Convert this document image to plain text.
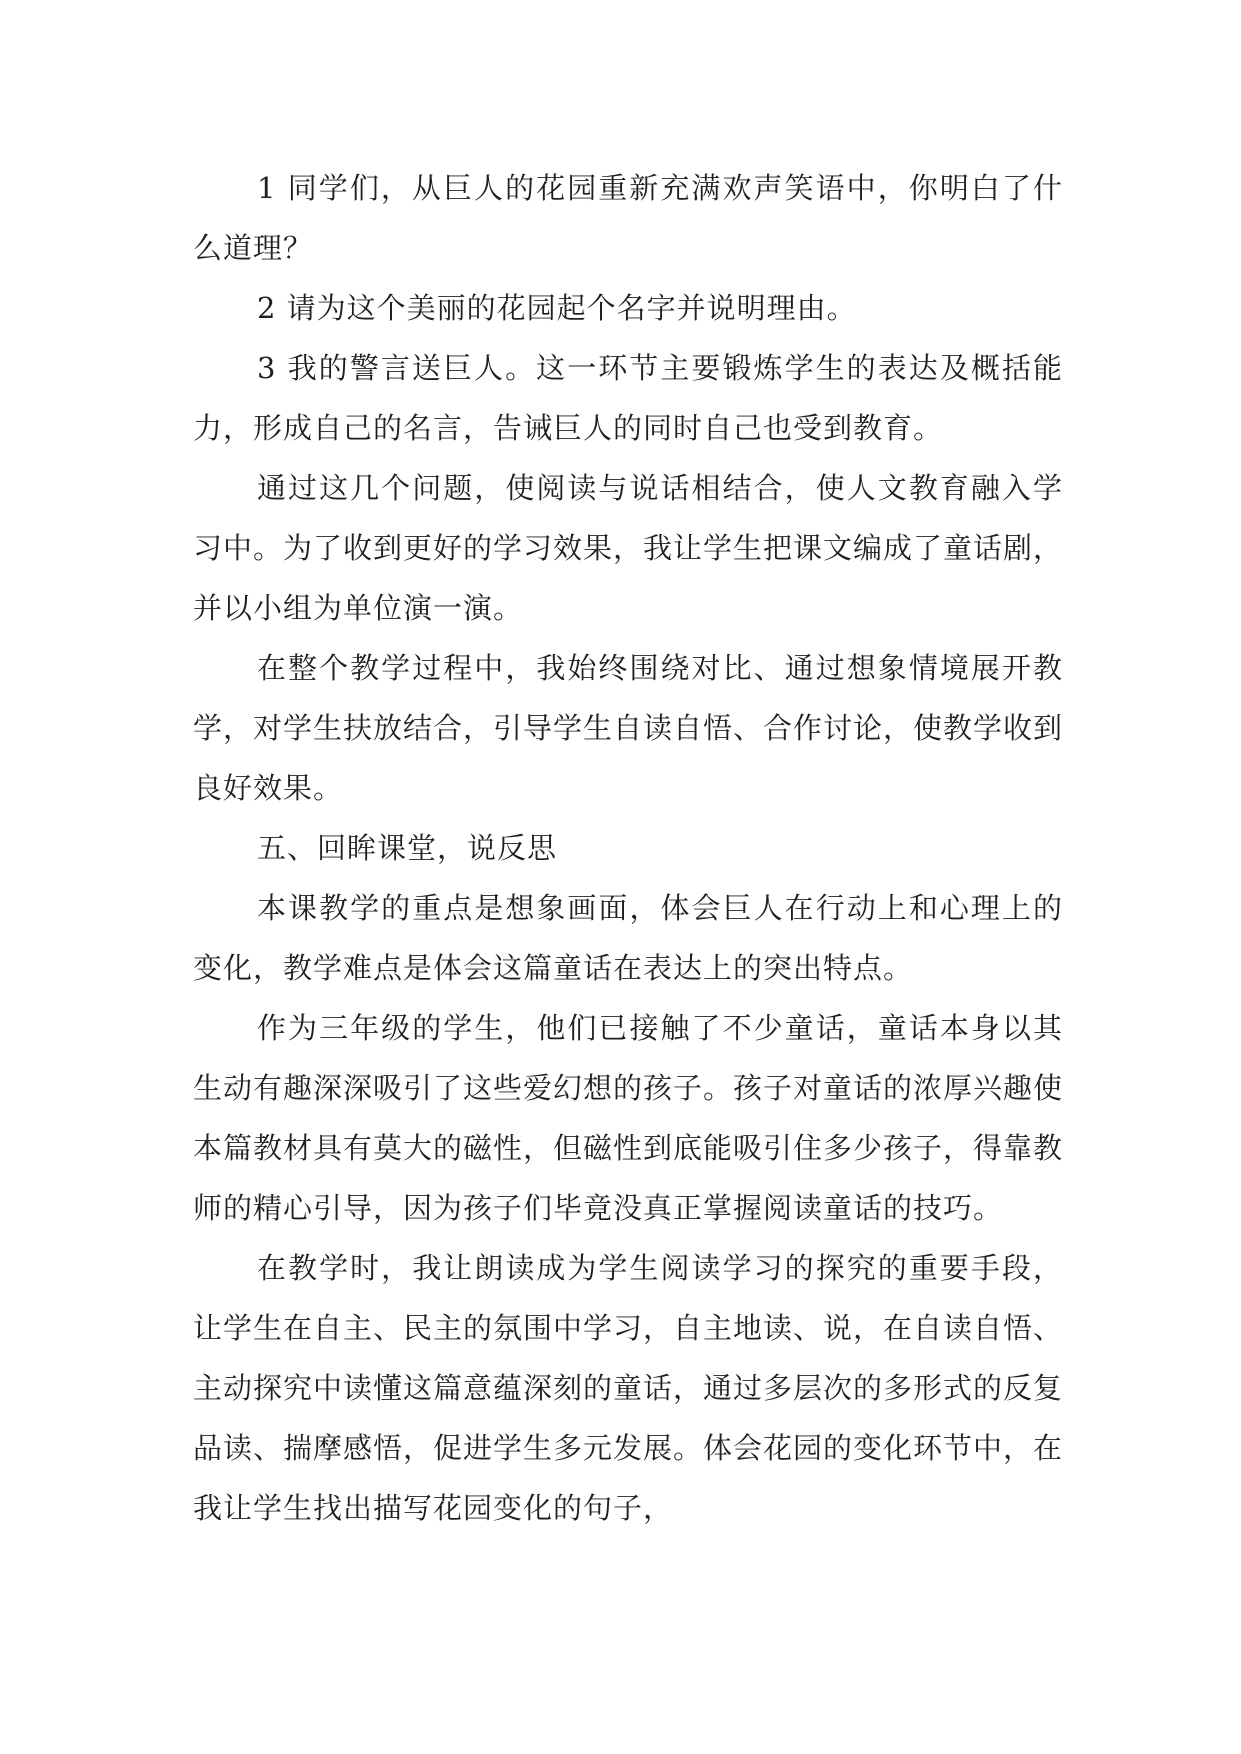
1 同学们，从巨人的花园重新充满欢声笑语中，你明白了什么道理？

2 请为这个美丽的花园起个名字并说明理由。

3 我的警言送巨人。这一环节主要锻炼学生的表达及概括能力，形成自己的名言，告诫巨人的同时自己也受到教育。

通过这几个问题，使阅读与说话相结合，使人文教育融入学习中。为了收到更好的学习效果，我让学生把课文编成了童话剧，并以小组为单位演一演。

在整个教学过程中，我始终围绕对比、通过想象情境展开教学，对学生扶放结合，引导学生自读自悟、合作讨论，使教学收到良好效果。

五、回眸课堂，说反思

本课教学的重点是想象画面，体会巨人在行动上和心理上的变化，教学难点是体会这篇童话在表达上的突出特点。

作为三年级的学生，他们已接触了不少童话，童话本身以其生动有趣深深吸引了这些爱幻想的孩子。孩子对童话的浓厚兴趣使本篇教材具有莫大的磁性，但磁性到底能吸引住多少孩子，得靠教师的精心引导，因为孩子们毕竟没真正掌握阅读童话的技巧。

在教学时，我让朗读成为学生阅读学习的探究的重要手段，让学生在自主、民主的氛围中学习，自主地读、说，在自读自悟、主动探究中读懂这篇意蕴深刻的童话，通过多层次的多形式的反复品读、揣摩感悟，促进学生多元发展。体会花园的变化环节中，在我让学生找出描写花园变化的句子，
